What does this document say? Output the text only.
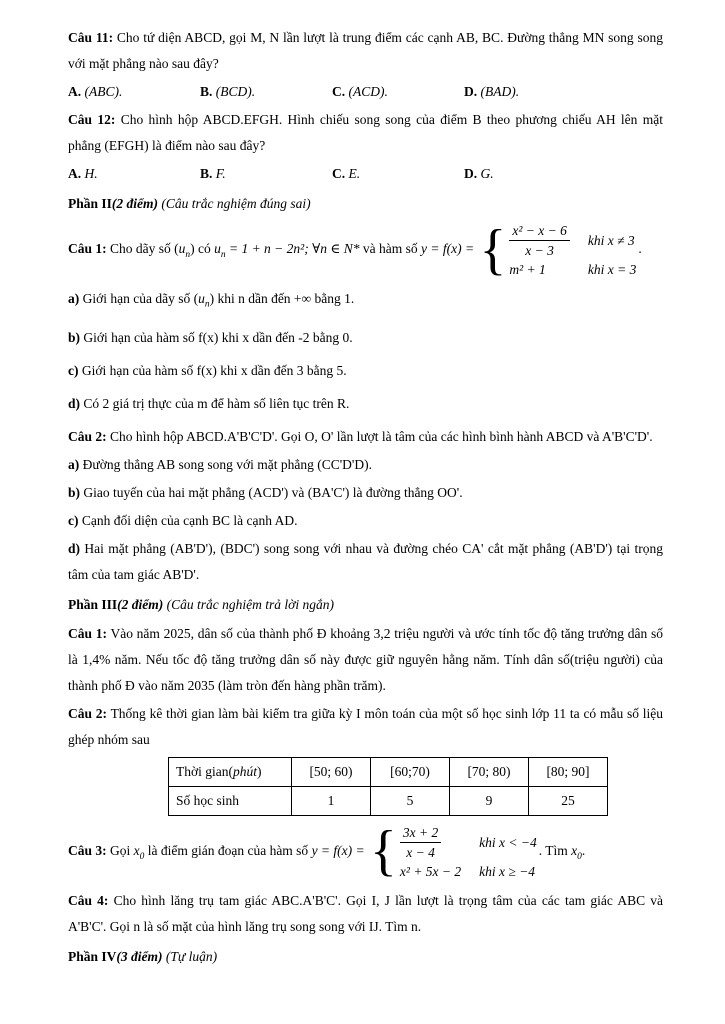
Câu 11: Cho tứ diện ABCD, gọi M, N lần lượt là trung điểm các cạnh AB, BC. Đường thẳng MN song song với mặt phẳng nào sau đây?

A. (ABC).	B. (BCD).	C. (ACD).	D. (BAD).

Câu 12: Cho hình hộp ABCD.EFGH. Hình chiếu song song của điểm B theo phương chiếu AH lên mặt phẳng (EFGH) là điểm nào sau đây?

A. H.	B. F.	C. E.	D. G.

Phần II(2 điểm) (Câu trắc nghiệm đúng sai)

Câu 1: Cho dãy số $(u_n)$ có $u_n = 1 + n - 2n^2$; ∀n ∈ N* và hàm số y = f(x) = { $\frac{\text{x² − x − 6}}{x - 3}$ khi x ≠ 3
m² + 1	khi x = 3
.

a) Giới hạn của dãy số $(u_n)$ khi n dần đến +∞ bằng 1.

b) Giới hạn của hàm số f(x) khi x dần đến -2 bằng 0.

c) Giới hạn của hàm số f(x) khi x dần đến 3 bằng 5.

d) Có 2 giá trị thực của m để hàm số liên tục trên R.

Câu 2: Cho hình hộp ABCD.A'B'C'D'. Gọi O, O' lần lượt là tâm của các hình bình hành ABCD và A'B'C'D'.

a) Đường thẳng AB song song với mặt phẳng (CC'D'D).

b) Giao tuyến của hai mặt phẳng (ACD') và (BA'C') là đường thẳng OO'.

c) Cạnh đối diện của cạnh BC là cạnh AD.

d) Hai mặt phẳng (AB'D'), (BDC') song song với nhau và đường chéo CA' cắt mặt phẳng (AB'D') tại trọng tâm của tam giác AB'D'.

Phần III(2 điểm) (Câu trắc nghiệm trả lời ngắn)

Câu 1: Vào năm 2025, dân số của thành phố Đ khoảng 3,2 triệu người và ước tính tốc độ tăng trưởng dân số là 1,4% năm. Nếu tốc độ tăng trưởng dân số này được giữ nguyên hằng năm. Tính dân số(triệu người) của thành phố Đ vào năm 2035 (làm tròn đến hàng phần trăm).

Câu 2: Thống kê thời gian làm bài kiểm tra giữa kỳ I môn toán của một số học sinh lớp 11 ta có mẫu số liệu ghép nhóm sau

Thời gian(phút)	[50; 60)	[60;70)	[70; 80)	[80; 90]
Số học sinh	1	5	9	25
Câu 3: Gọi $x_0$ là điểm gián đoạn của hàm số y = f(x) = { $\frac{3x + 2}{x - 4}$	khi x < −4
x² + 5x − 2 khi x ≥ −4
. Tìm $x_0$.

Câu 4: Cho hình lăng trụ tam giác ABC.A'B'C'. Gọi I, J lần lượt là trọng tâm của các tam giác ABC và A'B'C'. Gọi n là số mặt của hình lăng trụ song song với IJ. Tìm n.

Phần IV(3 điểm) (Tự luận)
